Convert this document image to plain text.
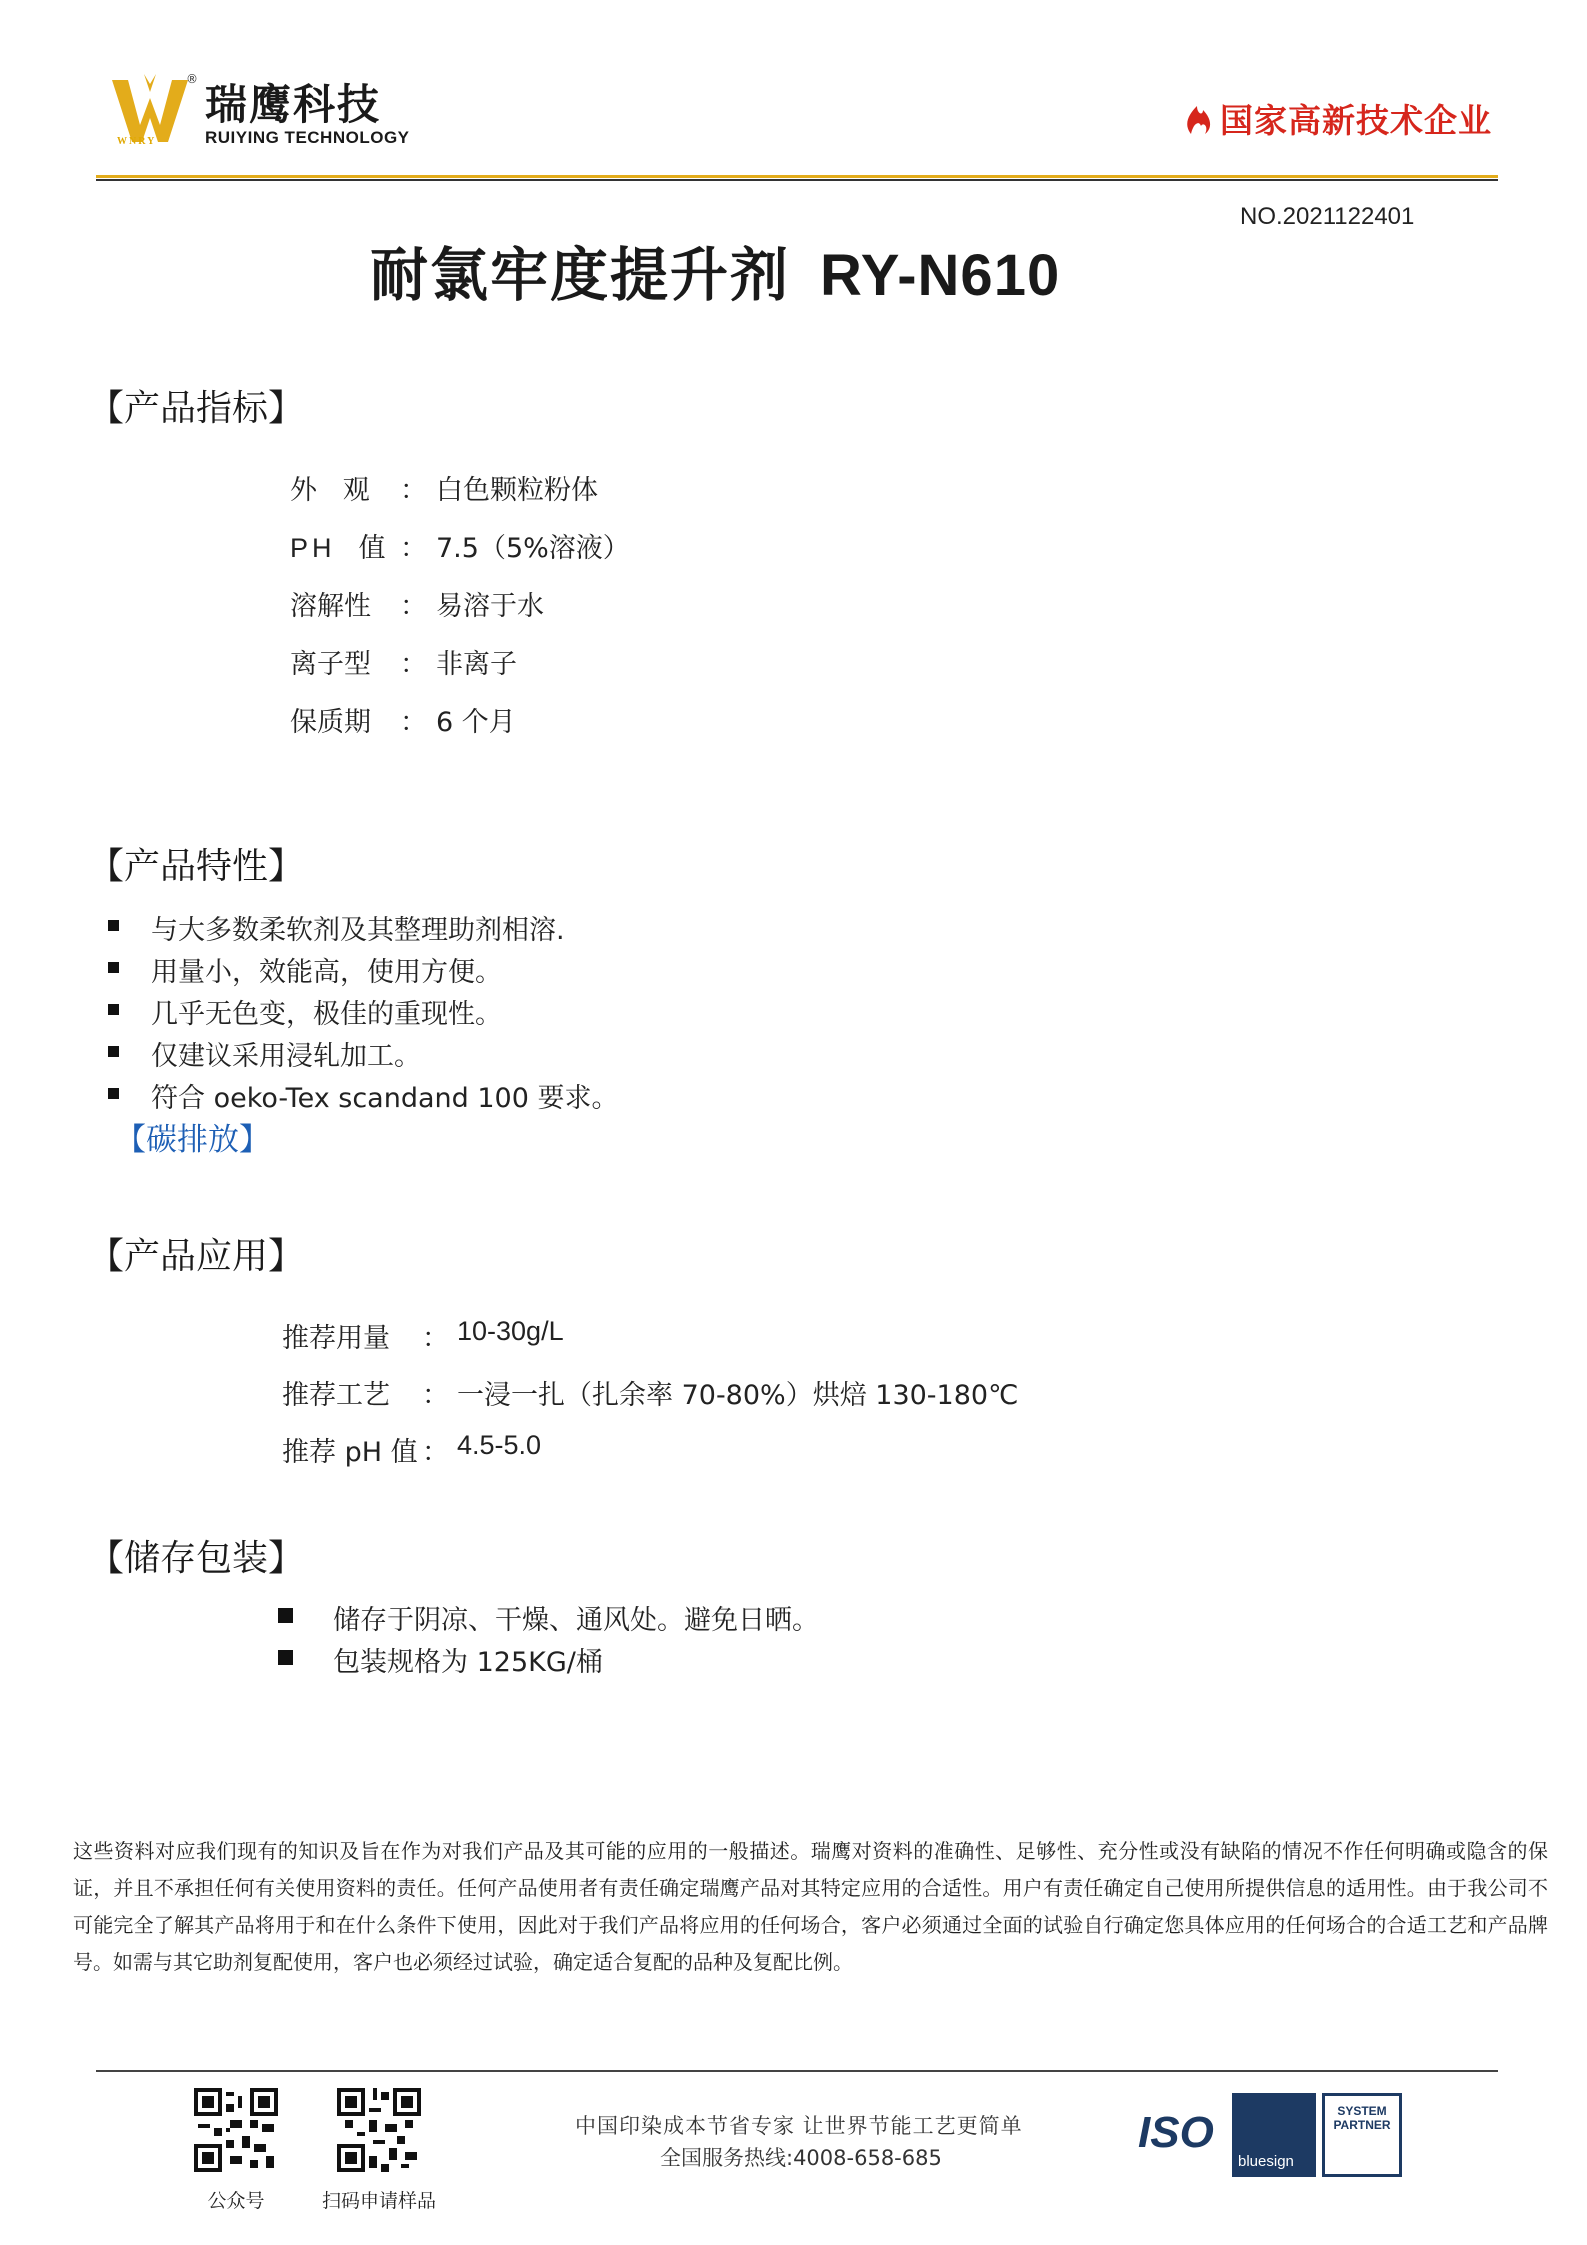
®
瑞鹰科技
RUIYING TECHNOLOGY
WNRY
国家高新技术企业
NO.2021122401
耐氯牢度提升剂 RY-N610
【产品指标】
外   观 ： 白色颗粒粉体
PH  值 ： 7.5（5%溶液）
溶解性 ： 易溶于水
离子型 ： 非离子
保质期 ： 6 个月
【产品特性】
与大多数柔软剂及其整理助剂相溶.
用量小，效能高，使用方便。
几乎无色变，极佳的重现性。
仅建议采用浸轧加工。
符合 oeko-Tex scandand 100 要求。
【碳排放】
【产品应用】
推荐用量 ： 10-30g/L
推荐工艺 ： 一浸一扎（扎余率 70-80%）烘焙 130-180℃
推荐 pH 值 ： 4.5-5.0
【储存包装】
储存于阴凉、干燥、通风处。避免日晒。
包装规格为 125KG/桶
这些资料对应我们现有的知识及旨在作为对我们产品及其可能的应用的一般描述。瑞鹰对资料的准确性、足够性、充分性或没有缺陷的情况不作任何明确或隐含的保证，并且不承担任何有关使用资料的责任。任何产品使用者有责任确定瑞鹰产品对其特定应用的合适性。用户有责任确定自己使用所提供信息的适用性。由于我公司不可能完全了解其产品将用于和在什么条件下使用，因此对于我们产品将应用的任何场合，客户必须通过全面的试验自行确定您具体应用的任何场合的合适工艺和产品牌号。如需与其它助剂复配使用，客户也必须经过试验，确定适合复配的品种及复配比例。
公众号	扫码申请样品
中国印染成本节省专家 让世界节能工艺更简单
全国服务热线:4008-658-685
ISO
bluesign
SYSTEM PARTNER
